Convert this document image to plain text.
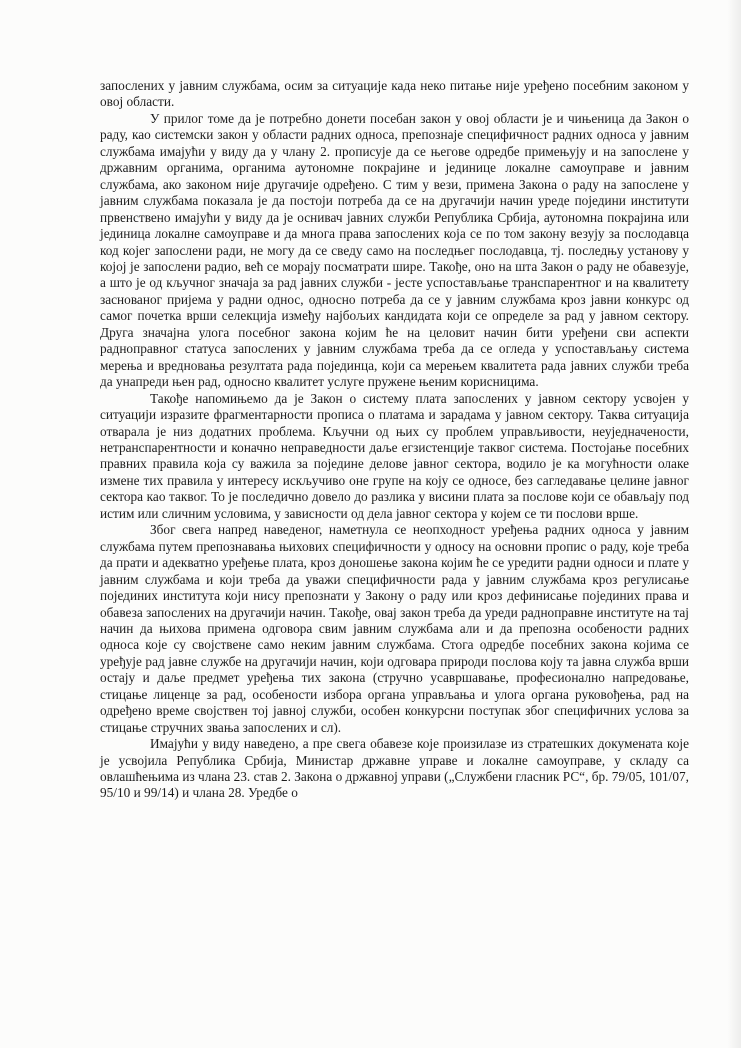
запослених у јавним службама, осим за ситуације када неко питање није уређено посебним законом у овој области.

У прилог томе да је потребно донети посебан закон у овој области је и чињеница да Закон о раду, као системски закон у области радних односа, препознаје специфичност радних односа у јавним службама имајући у виду да у члану 2. прописује да се његове одредбе примењују и на запослене у државним органима, органима аутономне покрајине и јединице локалне самоуправе и јавним службама, ако законом није другачије одређено. С тим у вези, примена Закона о раду на запослене у јавним службама показала је да постоји потреба да се на другачији начин уреде поједини институти првенствено имајући у виду да је оснивач јавних служби Република Србија, аутономна покрајина или јединица локалне самоуправе и да многа права запослених која се по том закону везују за послодавца код којег запослени ради, не могу да се сведу само на последњег послодавца, тј. последњу установу у којој је запослени радио, већ се морају посматрати шире. Такође, оно на шта Закон о раду не обавезује, а што је од кључног значаја за рад јавних служби - јесте успостављање транспарентног и на квалитету заснованог пријема у радни однос, односно потреба да се у јавним службама кроз јавни конкурс од самог почетка врши селекција између најбољих кандидата који се определе за рад у јавном сектору. Друга значајна улога посебног закона којим ће на целовит начин бити уређени сви аспекти радноправног статуса запослених у јавним службама треба да се огледа у успостављању система мерења и вредновања резултата рада појединца, који са мерењем квалитета рада јавних служби треба да унапреди њен рад, односно квалитет услуге пружене њеним корисницима.

Такође напомињемо да је Закон о систему плата запослених у јавном сектору усвојен у ситуацији изразите фрагментарности прописа о платама и зарадама у јавном сектору. Таква ситуација отварала је низ додатних проблема. Кључни од њих су проблем управљивости, неуједначености, нетранспарентности и коначно неправедности даље егзистенције таквог система. Постојање посебних правних правила која су важила за поједине делове јавног сектора, водило је ка могућности олаке измене тих правила у интересу искључиво оне групе на коју се односе, без сагледавање целине јавног сектора као таквог. То је последично довело до разлика у висини плата за послове који се обављају под истим или сличним условима, у зависности од дела јавног сектора у којем се ти послови врше.

Због свега напред наведеног, наметнула се неопходност уређења радних односа у јавним службама путем препознавања њихових специфичности у односу на основни пропис о раду, које треба да прати и адекватно уређење плата, кроз доношење закона којим ће се уредити радни односи и плате у јавним службама и који треба да уважи специфичности рада у јавним службама кроз регулисање појединих института који нису препознати у Закону о раду или кроз дефинисање појединих права и обавеза запослених на другачији начин. Такође, овај закон треба да уреди радноправне институте на тај начин да њихова примена одговора свим јавним службама али и да препозна особености радних односа које су својствене само неким јавним службама. Стога одредбе посебних закона којима се уређује рад јавне службе на другачији начин, који одговара природи послова коју та јавна служба врши остају и даље предмет уређења тих закона (стручно усавршавање, професионално напредовање, стицање лиценце за рад, особености избора органа управљања и улога органа руковођења, рад на одређено време својствен тој јавној служби, особен конкурсни поступак због специфичних услова за стицање стручних звања запослених и сл).

Имајући у виду наведено, а пре свега обавезе које произилазе из стратешких докумената које је усвојила Република Србија, Министар државне управе и локалне самоуправе, у складу са овлашћењима из члана 23. став 2. Закона о државној управи („Службени гласник РС“, бр. 79/05, 101/07, 95/10 и 99/14) и члана 28. Уредбе о
